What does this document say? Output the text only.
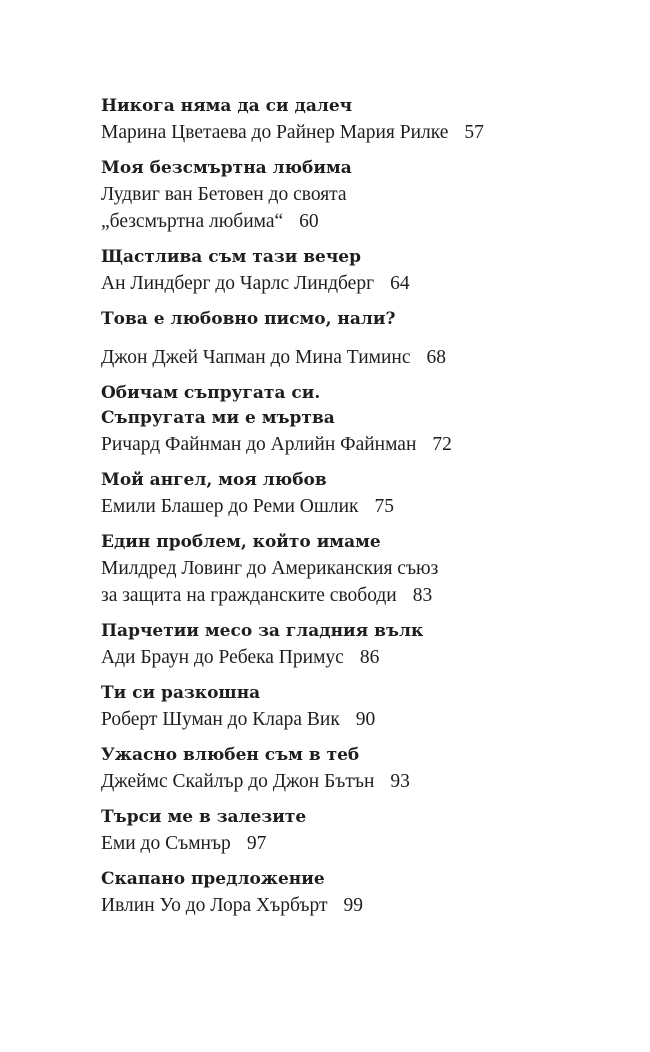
Никога няма да си далеч
Марина Цветаева до Райнер Мария Рилке 57
Моя безсмъртна любима
Лудвиг ван Бетовен до своята
„безсмъртна любима“ 60
Щастлива съм тази вечер
Ан Линдберг до Чарлс Линдберг 64
Това е любовно писмо, нали?
Джон Джей Чапман до Мина Тиминс 68
Обичам съпругата си.
Съпругата ми е мъртва
Ричард Файнман до Арлийн Файнман 72
Мой ангел, моя любов
Емили Блашер до Реми Ошлик 75
Един проблем, който имаме
Милдред Ловинг до Американския съюз
за защита на гражданските свободи 83
Парчетии месо за гладния вълк
Ади Браун до Ребека Примус 86
Ти си разкошна
Роберт Шуман до Клара Вик 90
Ужасно влюбен съм в теб
Джеймс Скайлър до Джон Бътън 93
Търси ме в залезите
Еми до Съмнър 97
Скапано предложение
Ивлин Уо до Лора Хърбърт 99
